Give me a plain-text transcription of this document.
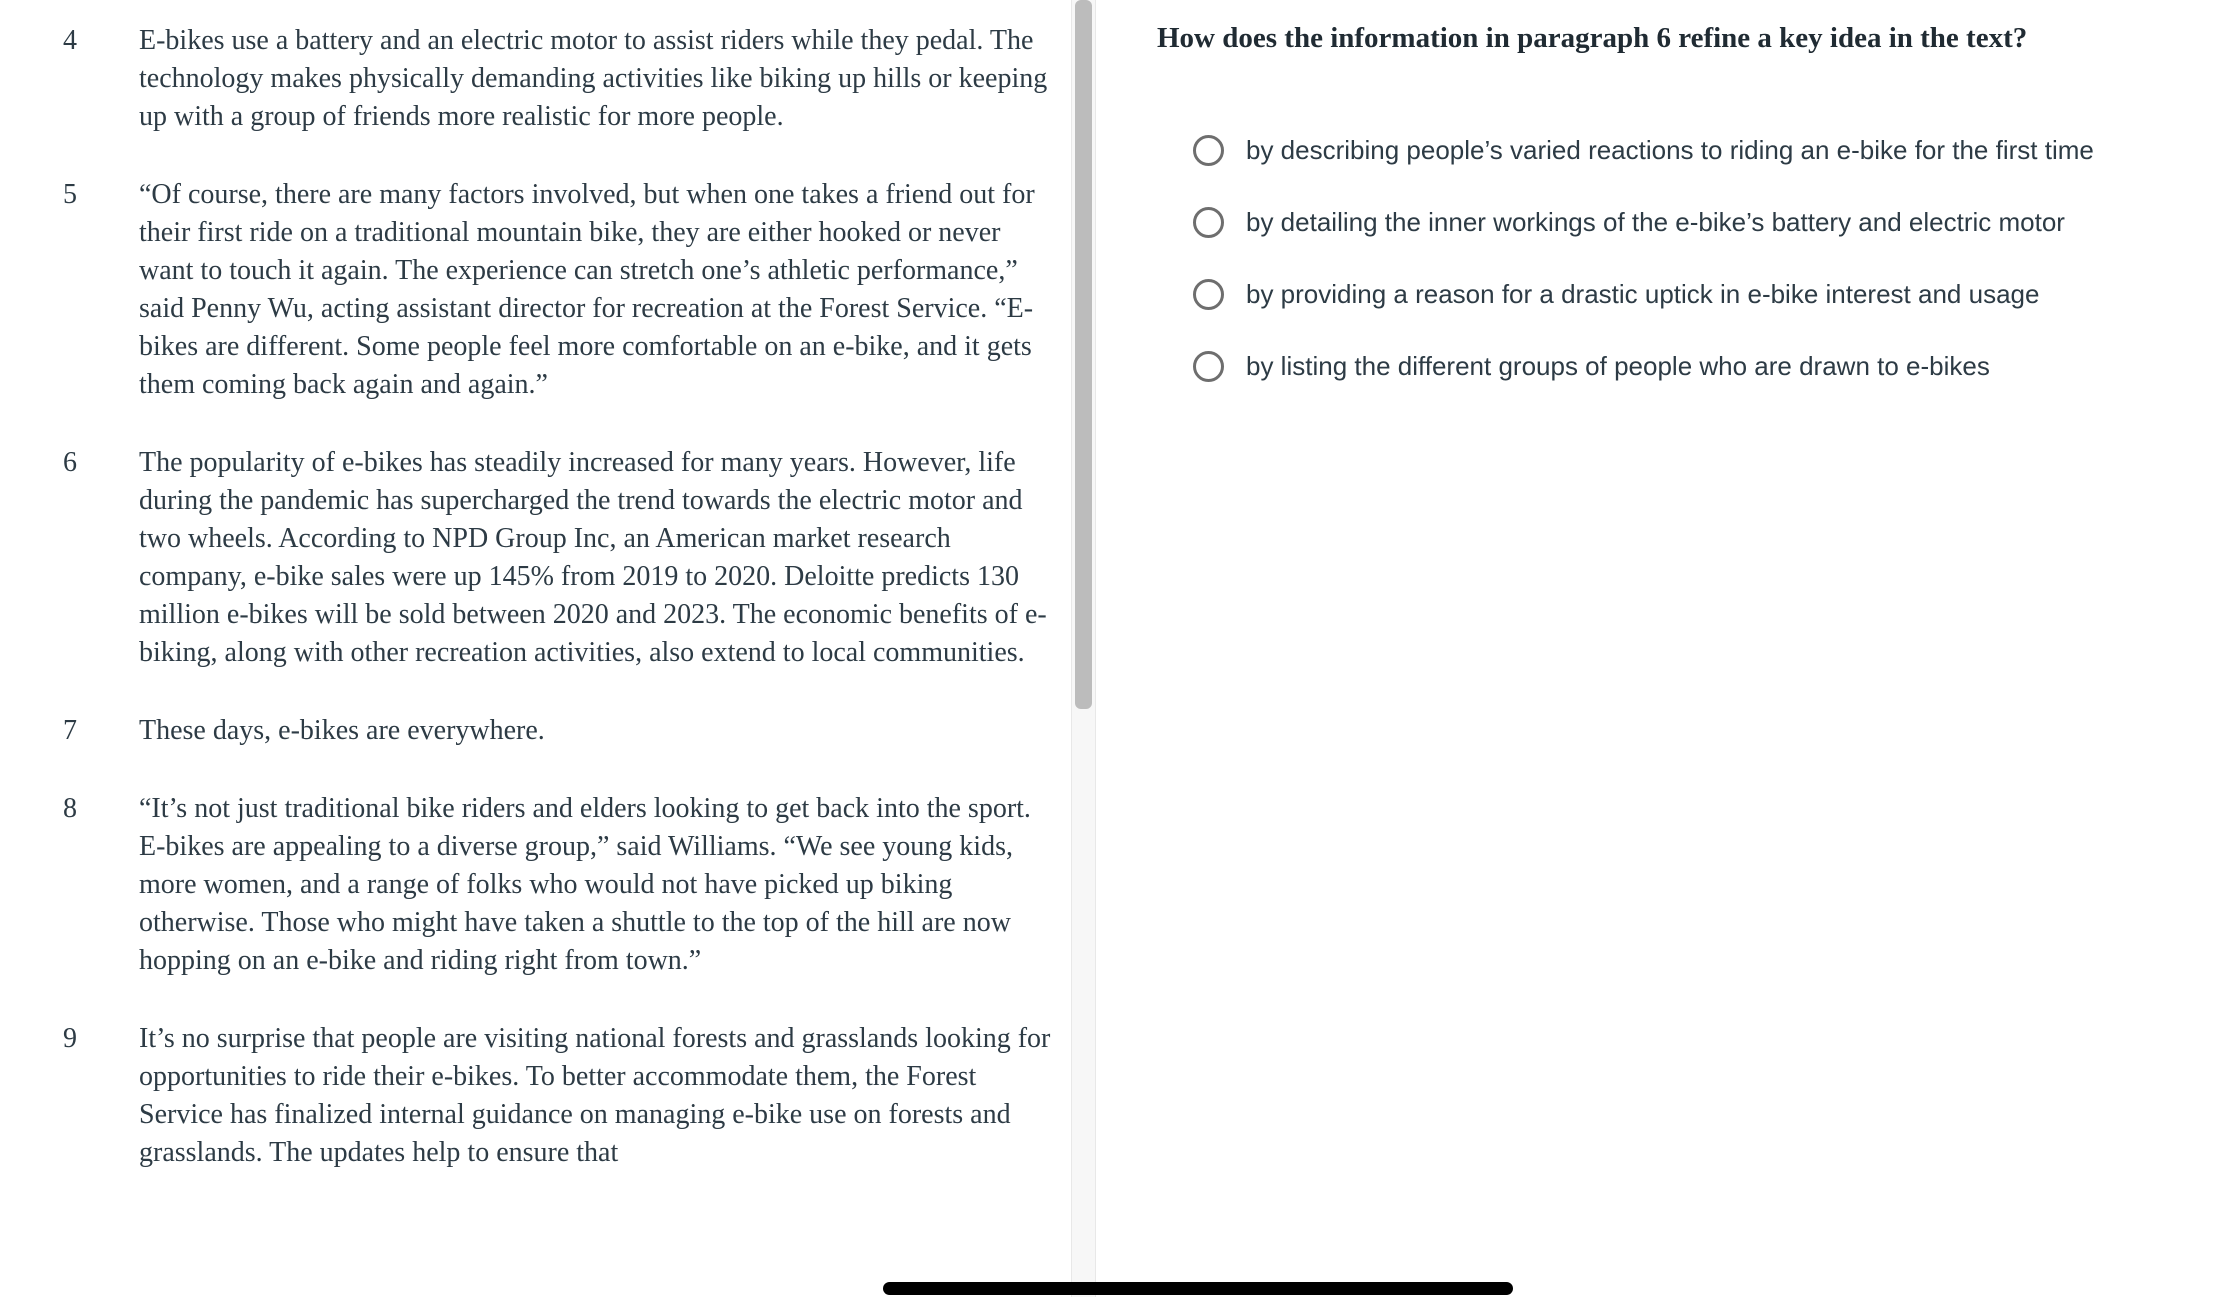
4	E-bikes use a battery and an electric motor to assist riders while they pedal. The technology makes physically demanding activities like biking up hills or keeping up with a group of friends more realistic for more people.
5	“Of course, there are many factors involved, but when one takes a friend out for their first ride on a traditional mountain bike, they are either hooked or never want to touch it again. The experience can stretch one’s athletic performance,” said Penny Wu, acting assistant director for recreation at the Forest Service. “E-bikes are different. Some people feel more comfortable on an e-bike, and it gets them coming back again and again.”
6	The popularity of e-bikes has steadily increased for many years. However, life during the pandemic has supercharged the trend towards the electric motor and two wheels. According to NPD Group Inc, an American market research company, e-bike sales were up 145% from 2019 to 2020. Deloitte predicts 130 million e-bikes will be sold between 2020 and 2023. The economic benefits of e-biking, along with other recreation activities, also extend to local communities.
7	These days, e-bikes are everywhere.
8	“It’s not just traditional bike riders and elders looking to get back into the sport. E-bikes are appealing to a diverse group,” said Williams. “We see young kids, more women, and a range of folks who would not have picked up biking otherwise. Those who might have taken a shuttle to the top of the hill are now hopping on an e-bike and riding right from town.”
9	It’s no surprise that people are visiting national forests and grasslands looking for opportunities to ride their e-bikes. To better accommodate them, the Forest Service has finalized internal guidance on managing e-bike use on forests and grasslands. The updates help to ensure that
How does the information in paragraph 6 refine a key idea in the text?
by describing people’s varied reactions to riding an e-bike for the first time
by detailing the inner workings of the e-bike’s battery and electric motor
by providing a reason for a drastic uptick in e-bike interest and usage
by listing the different groups of people who are drawn to e-bikes
